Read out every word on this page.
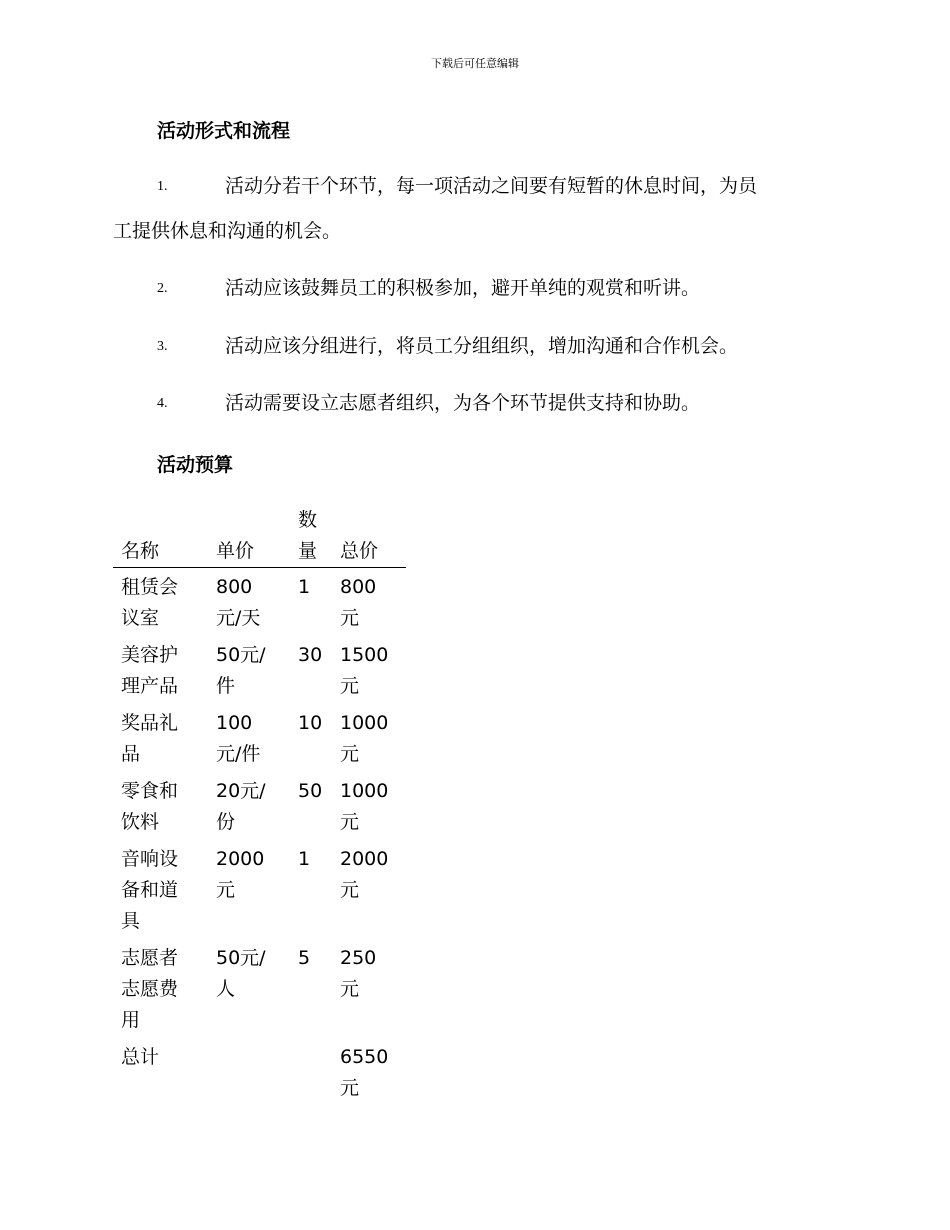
下载后可任意编辑
活动形式和流程
1.	活动分若干个环节，每一项活动之间要有短暂的休息时间，为员
工提供休息和沟通的机会。
2.	活动应该鼓舞员工的积极参加，避开单纯的观赏和听讲。
3.	活动应该分组进行，将员工分组组织，增加沟通和合作机会。
4.	活动需要设立志愿者组织，为各个环节提供支持和协助。
活动预算
名称	单价	数量	总价

租赁会议室	800元/天	1	800元

美容护理产品	50元/件	30	1500元

奖品礼品	100元/件	10	1000元

零食和饮料	20元/份	50	1000元

音响设备和道具	2000元	1	2000元

志愿者志愿费用	50元/人	5	250元

总计			6550元
